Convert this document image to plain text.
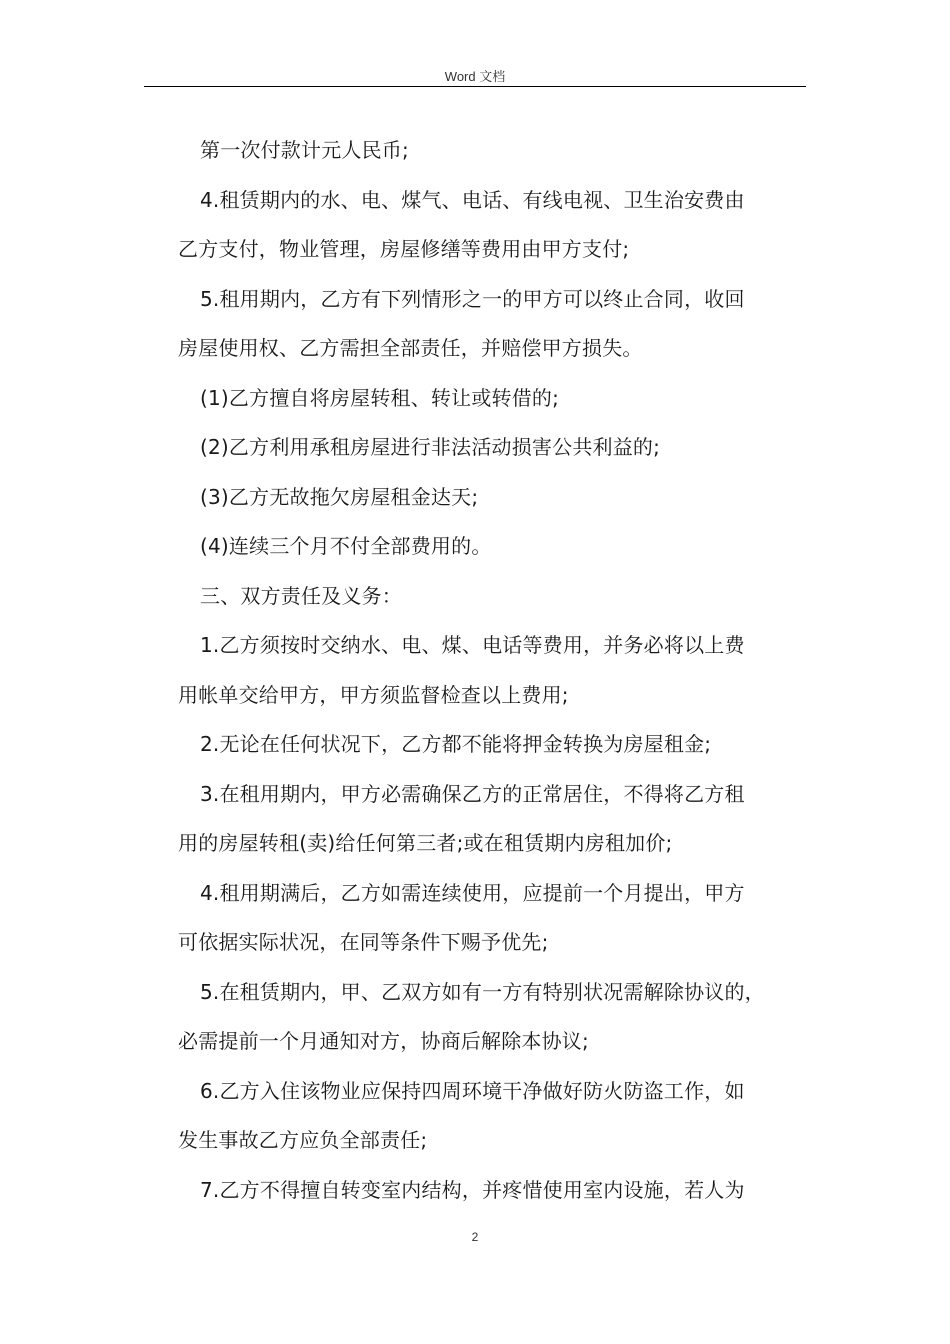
Word 文档

第一次付款计元人民币;

4.租赁期内的水、电、煤气、电话、有线电视、卫生治安费由

乙方支付，物业管理，房屋修缮等费用由甲方支付;

5.租用期内，乙方有下列情形之一的甲方可以终止合同，收回

房屋使用权、乙方需担全部责任，并赔偿甲方损失。

(1)乙方擅自将房屋转租、转让或转借的;

(2)乙方利用承租房屋进行非法活动损害公共利益的;

(3)乙方无故拖欠房屋租金达天;

(4)连续三个月不付全部费用的。

三、双方责任及义务：

1.乙方须按时交纳水、电、煤、电话等费用，并务必将以上费

用帐单交给甲方，甲方须监督检查以上费用;

2.无论在任何状况下，乙方都不能将押金转换为房屋租金;

3.在租用期内，甲方必需确保乙方的正常居住，不得将乙方租

用的房屋转租(卖)给任何第三者;或在租赁期内房租加价;

4.租用期满后，乙方如需连续使用，应提前一个月提出，甲方

可依据实际状况，在同等条件下赐予优先;

5.在租赁期内，甲、乙双方如有一方有特别状况需解除协议的，

必需提前一个月通知对方，协商后解除本协议;

6.乙方入住该物业应保持四周环境干净做好防火防盗工作，如

发生事故乙方应负全部责任;

7.乙方不得擅自转变室内结构，并疼惜使用室内设施，若人为

2
